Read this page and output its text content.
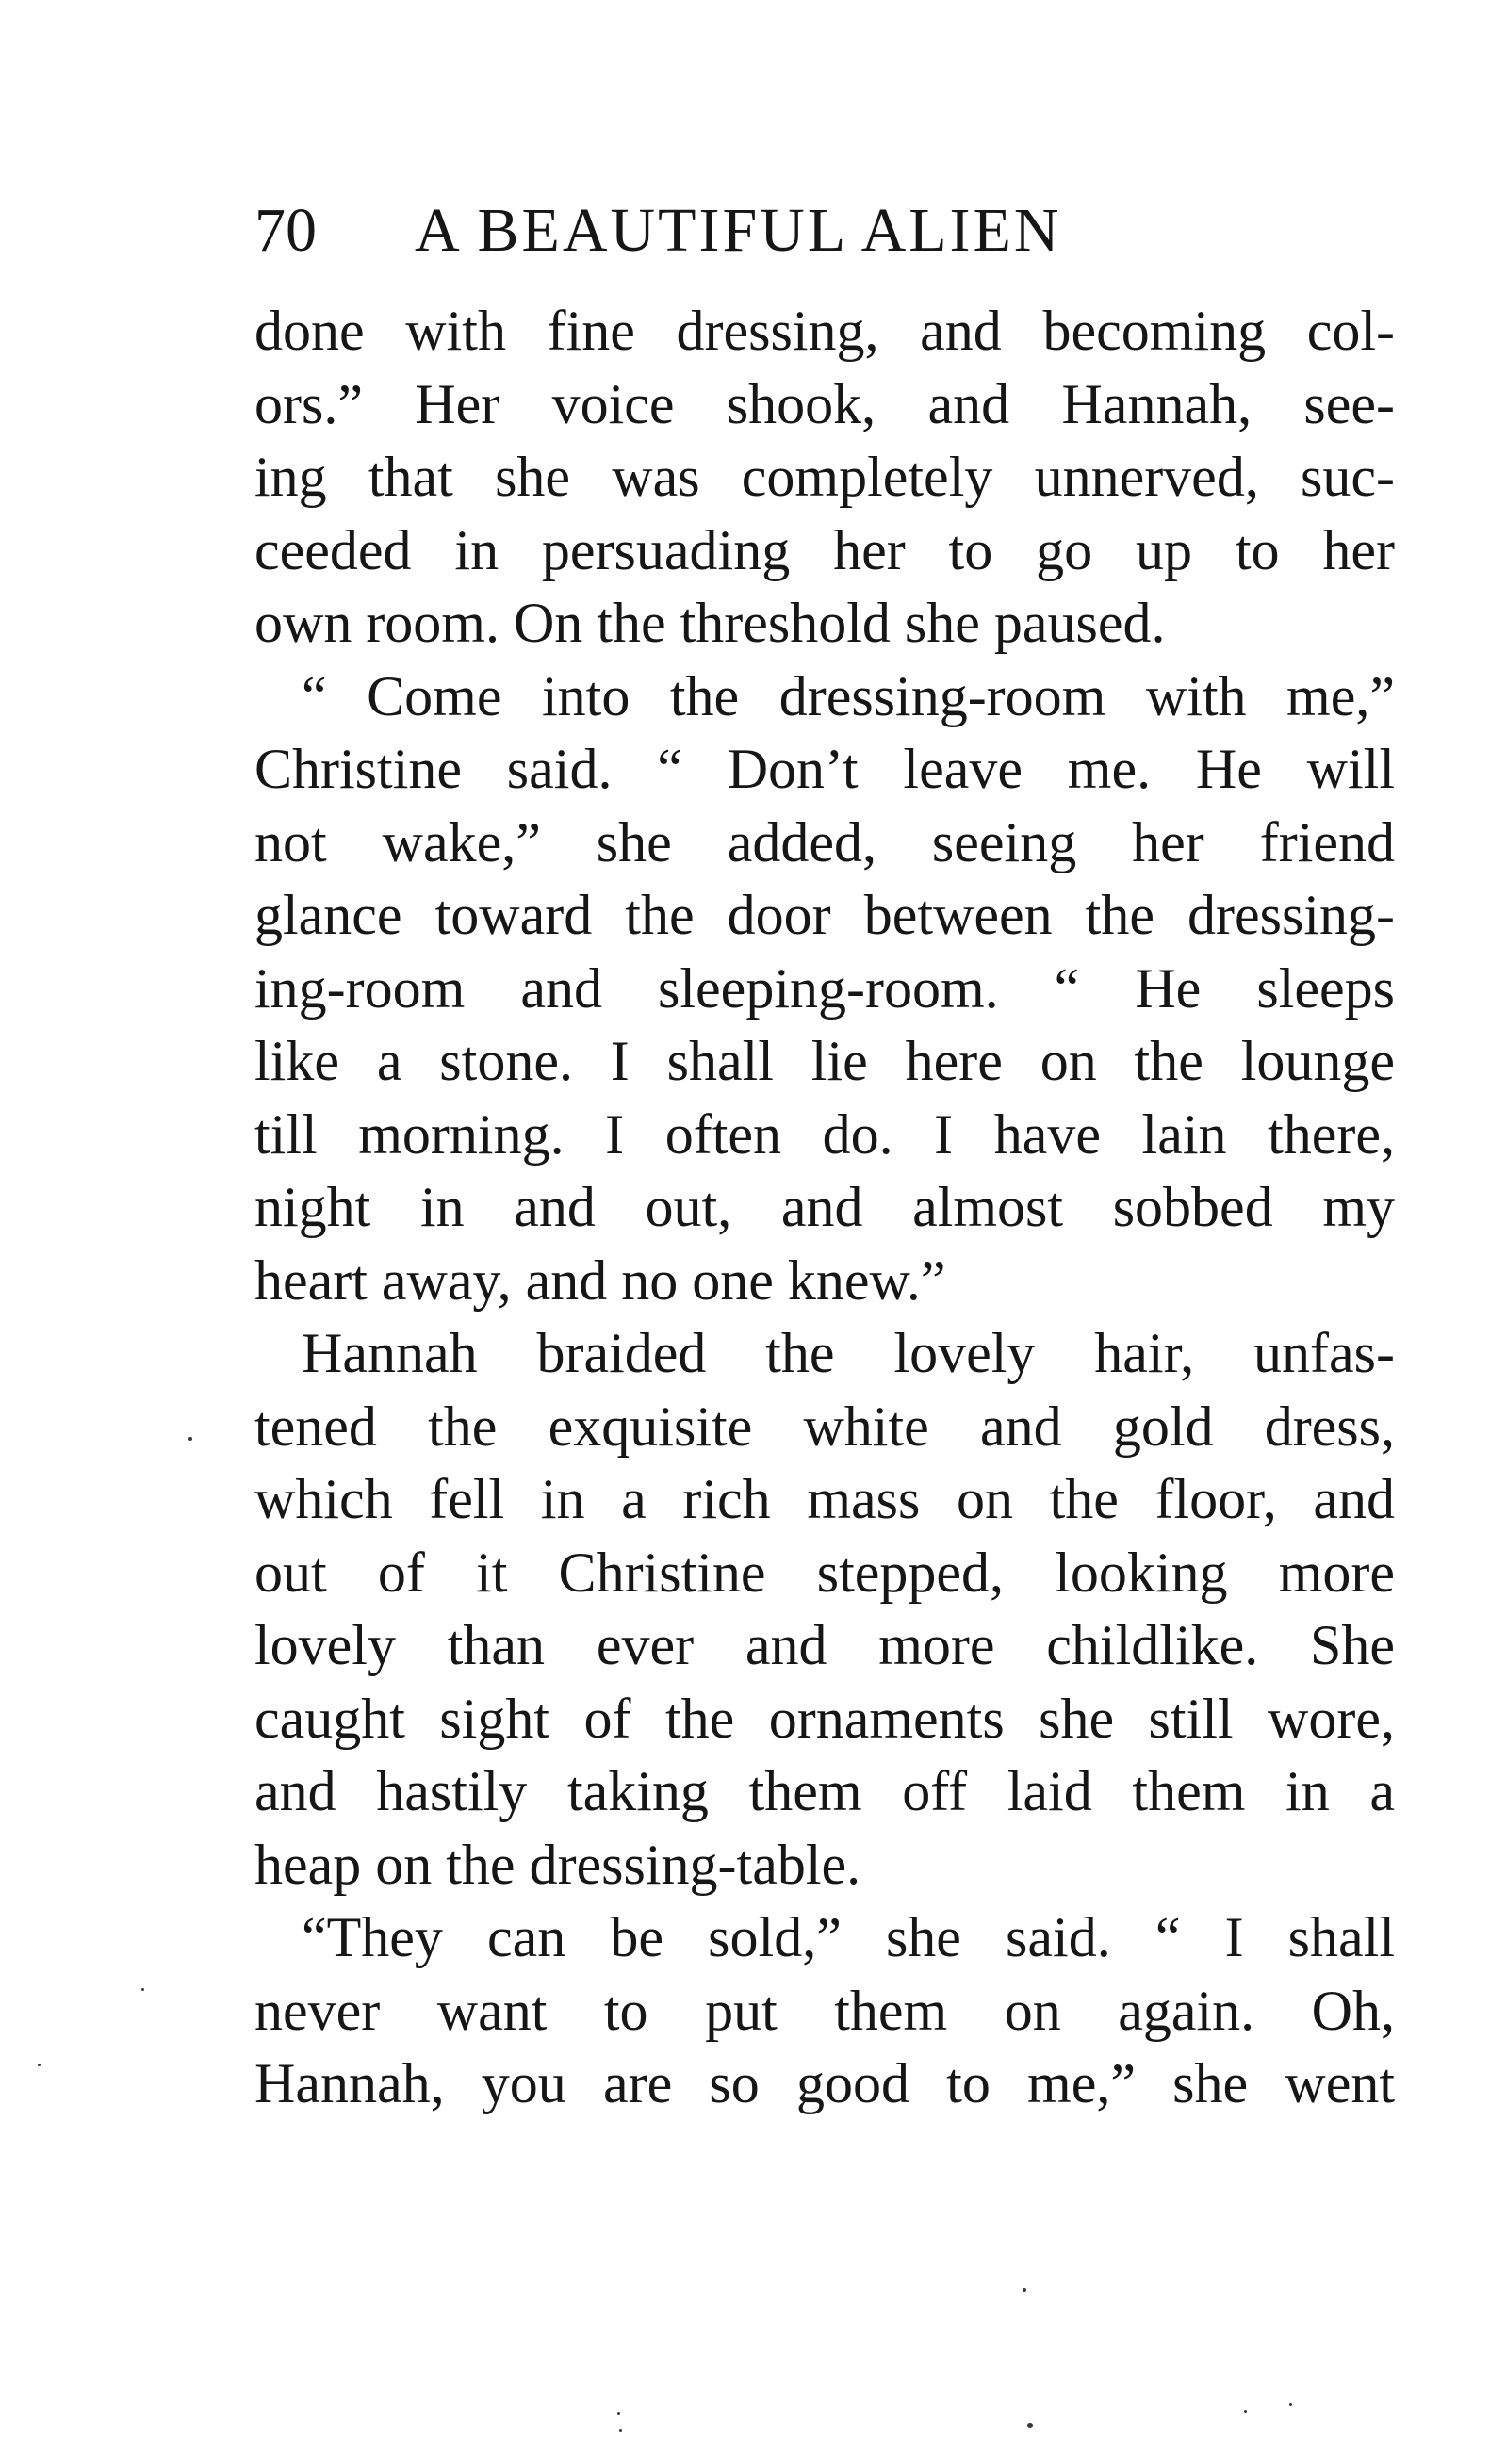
70 A BEAUTIFUL ALIEN
done with fine dressing, and becoming col-
ors.” Her voice shook, and Hannah, see-
ing that she was completely unnerved, suc-
ceeded in persuading her to go up to her
own room. On the threshold she paused.
“ Come into the dressing-room with me,”
Christine said. “ Don’t leave me. He will
not wake,” she added, seeing her friend
glance toward the door between the dressing-
ing-room and sleeping-room. “ He sleeps
like a stone. I shall lie here on the lounge
till morning. I often do. I have lain there,
night in and out, and almost sobbed my
heart away, and no one knew.”
Hannah braided the lovely hair, unfas-
tened the exquisite white and gold dress,
which fell in a rich mass on the floor, and
out of it Christine stepped, looking more
lovely than ever and more childlike. She
caught sight of the ornaments she still wore,
and hastily taking them off laid them in a
heap on the dressing-table.
“They can be sold,” she said. “ I shall
never want to put them on again. Oh,
Hannah, you are so good to me,” she went
